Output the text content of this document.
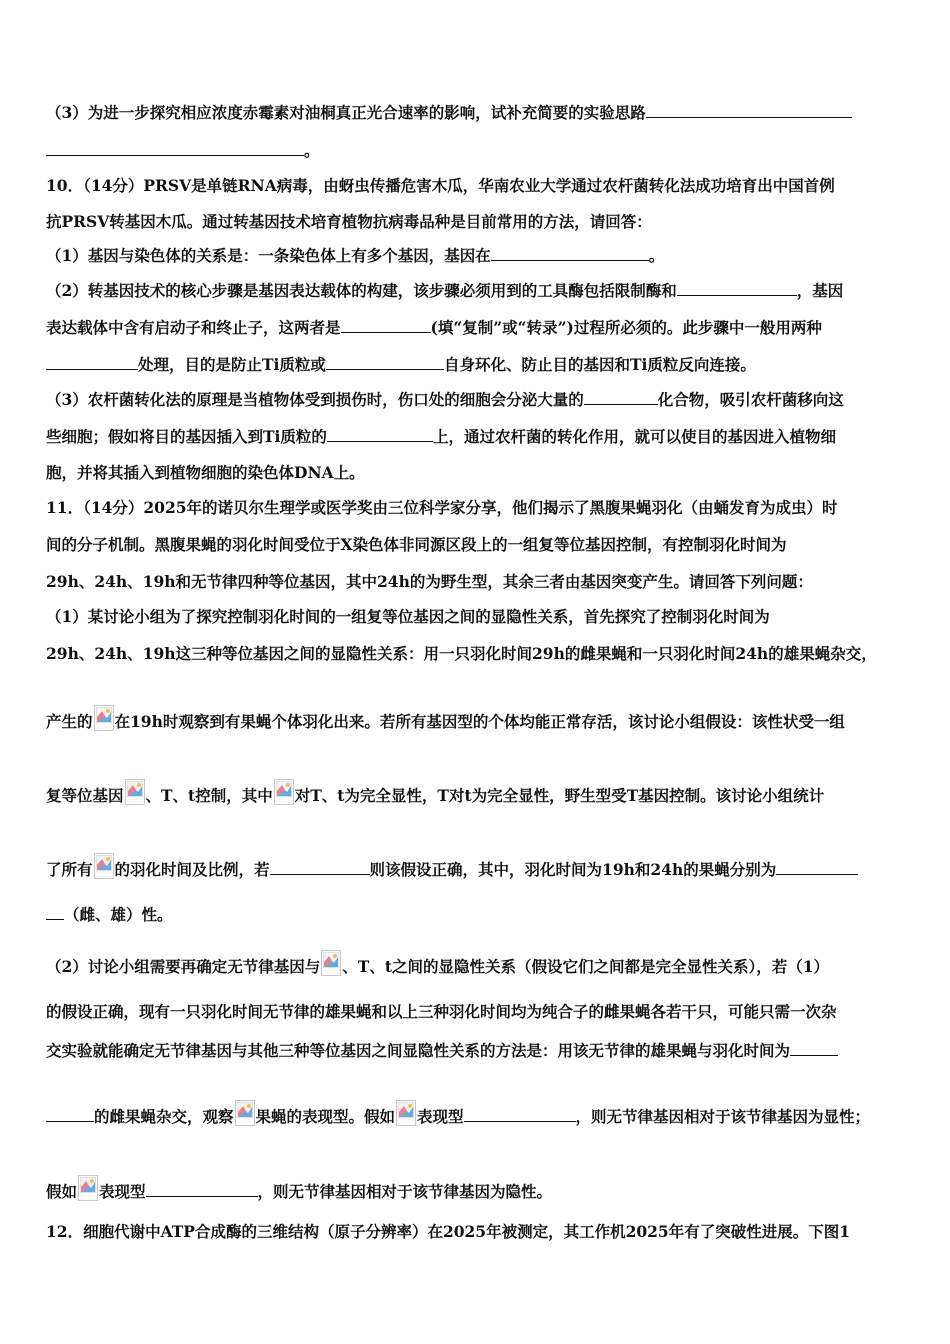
（3）为进一步探究相应浓度赤霉素对油桐真正光合速率的影响，试补充简要的实验思路
。
10．（14分）PRSV是单链RNA病毒，由蚜虫传播危害木瓜，华南农业大学通过农杆菌转化法成功培育出中国首例
抗PRSV转基因木瓜。通过转基因技术培育植物抗病毒品种是目前常用的方法，请回答：
（1）基因与染色体的关系是：一条染色体上有多个基因，基因在	。
（2）转基因技术的核心步骤是基因表达载体的构建，该步骤必须用到的工具酶包括限制酶和	，基因
表达载体中含有启动子和终止子，这两者是	(填“复制”或“转录”)过程所必须的。此步骤中一般用两种
处理，目的是防止Ti质粒或	自身环化、防止目的基因和Ti质粒反向连接。
（3）农杆菌转化法的原理是当植物体受到损伤时，伤口处的细胞会分泌大量的	化合物，吸引农杆菌移向这
些细胞；假如将目的基因插入到Ti质粒的	上，通过农杆菌的转化作用，就可以使目的基因进入植物细
胞，并将其插入到植物细胞的染色体DNA上。
11．（14分）2025年的诺贝尔生理学或医学奖由三位科学家分享，他们揭示了黑腹果蝇羽化（由蛹发育为成虫）时
间的分子机制。黑腹果蝇的羽化时间受位于X染色体非同源区段上的一组复等位基因控制，有控制羽化时间为
29h、24h、19h和无节律四种等位基因，其中24h的为野生型，其余三者由基因突变产生。请回答下列问题：
（1）某讨论小组为了探究控制羽化时间的一组复等位基因之间的显隐性关系，首先探究了控制羽化时间为
29h、24h、19h这三种等位基因之间的显隐性关系：用一只羽化时间29h的雌果蝇和一只羽化时间24h的雄果蝇杂交，
产生的 在19h时观察到有果蝇个体羽化出来。若所有基因型的个体均能正常存活，该讨论小组假设：该性状受一组
复等位基因 、T、t控制，其中 对T、t为完全显性，T对t为完全显性，野生型受T基因控制。该讨论小组统计
了所有 的羽化时间及比例，若	则该假设正确，其中，羽化时间为19h和24h的果蝇分别为
（雌、雄）性。
（2）讨论小组需要再确定无节律基因与 、T、t之间的显隐性关系（假设它们之间都是完全显性关系），若（1）
的假设正确，现有一只羽化时间无节律的雄果蝇和以上三种羽化时间均为纯合子的雌果蝇各若干只，可能只需一次杂
交实验就能确定无节律基因与其他三种等位基因之间显隐性关系的方法是：用该无节律的雄果蝇与羽化时间为
的雌果蝇杂交，观察 果蝇的表现型。假如 表现型	，则无节律基因相对于该节律基因为显性；
假如 表现型	，则无节律基因相对于该节律基因为隐性。
12．细胞代谢中ATP合成酶的三维结构（原子分辨率）在2025年被测定，其工作机2025年有了突破性进展。下图1
